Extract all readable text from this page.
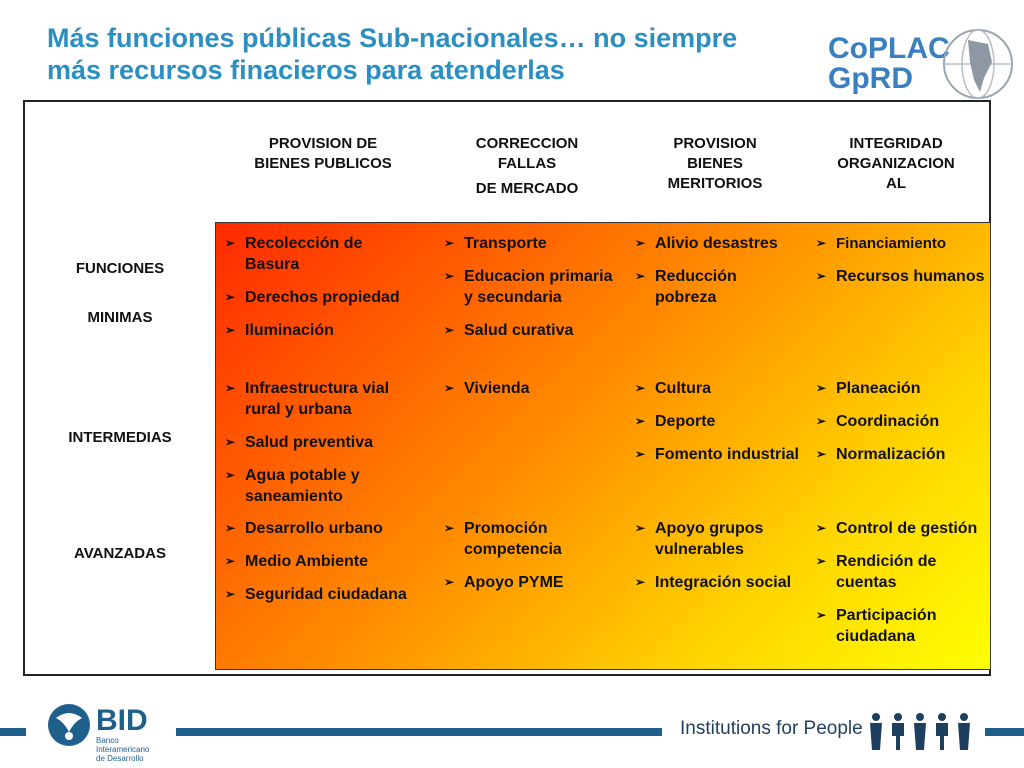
Más funciones públicas Sub-nacionales… no siempre
más recursos finacieros para atenderlas
CoPLAC
GpRD
PROVISION DE
BIENES PUBLICOS
CORRECCION
FALLAS
DE MERCADO
PROVISION
BIENES
MERITORIOS
INTEGRIDAD
ORGANIZACION
AL
FUNCIONES
MINIMAS
INTERMEDIAS
AVANZADAS
➢ Recolección de Basura
➢ Derechos propiedad
➢ Iluminación
➢ Transporte
➢ Educacion primaria y secundaria
➢ Salud curativa
➢ Alivio desastres
➢ Reducción pobreza
➢ Financiamiento
➢ Recursos humanos
➢ Infraestructura vial rural y urbana
➢ Salud preventiva
➢ Agua potable y saneamiento
➢ Vivienda	➢ Cultura
➢ Deporte
➢ Fomento industrial
➢ Planeación
➢ Coordinación
➢ Normalización
➢ Desarrollo urbano
➢ Medio Ambiente
➢ Seguridad ciudadana
➢ Promoción competencia
➢ Apoyo PYME
➢ Apoyo grupos vulnerables
➢ Integración social
➢ Control de gestión
➢ Rendición de cuentas
➢ Participación ciudadana
BID
Banco Interamericano
de Desarrollo
Institutions for People
